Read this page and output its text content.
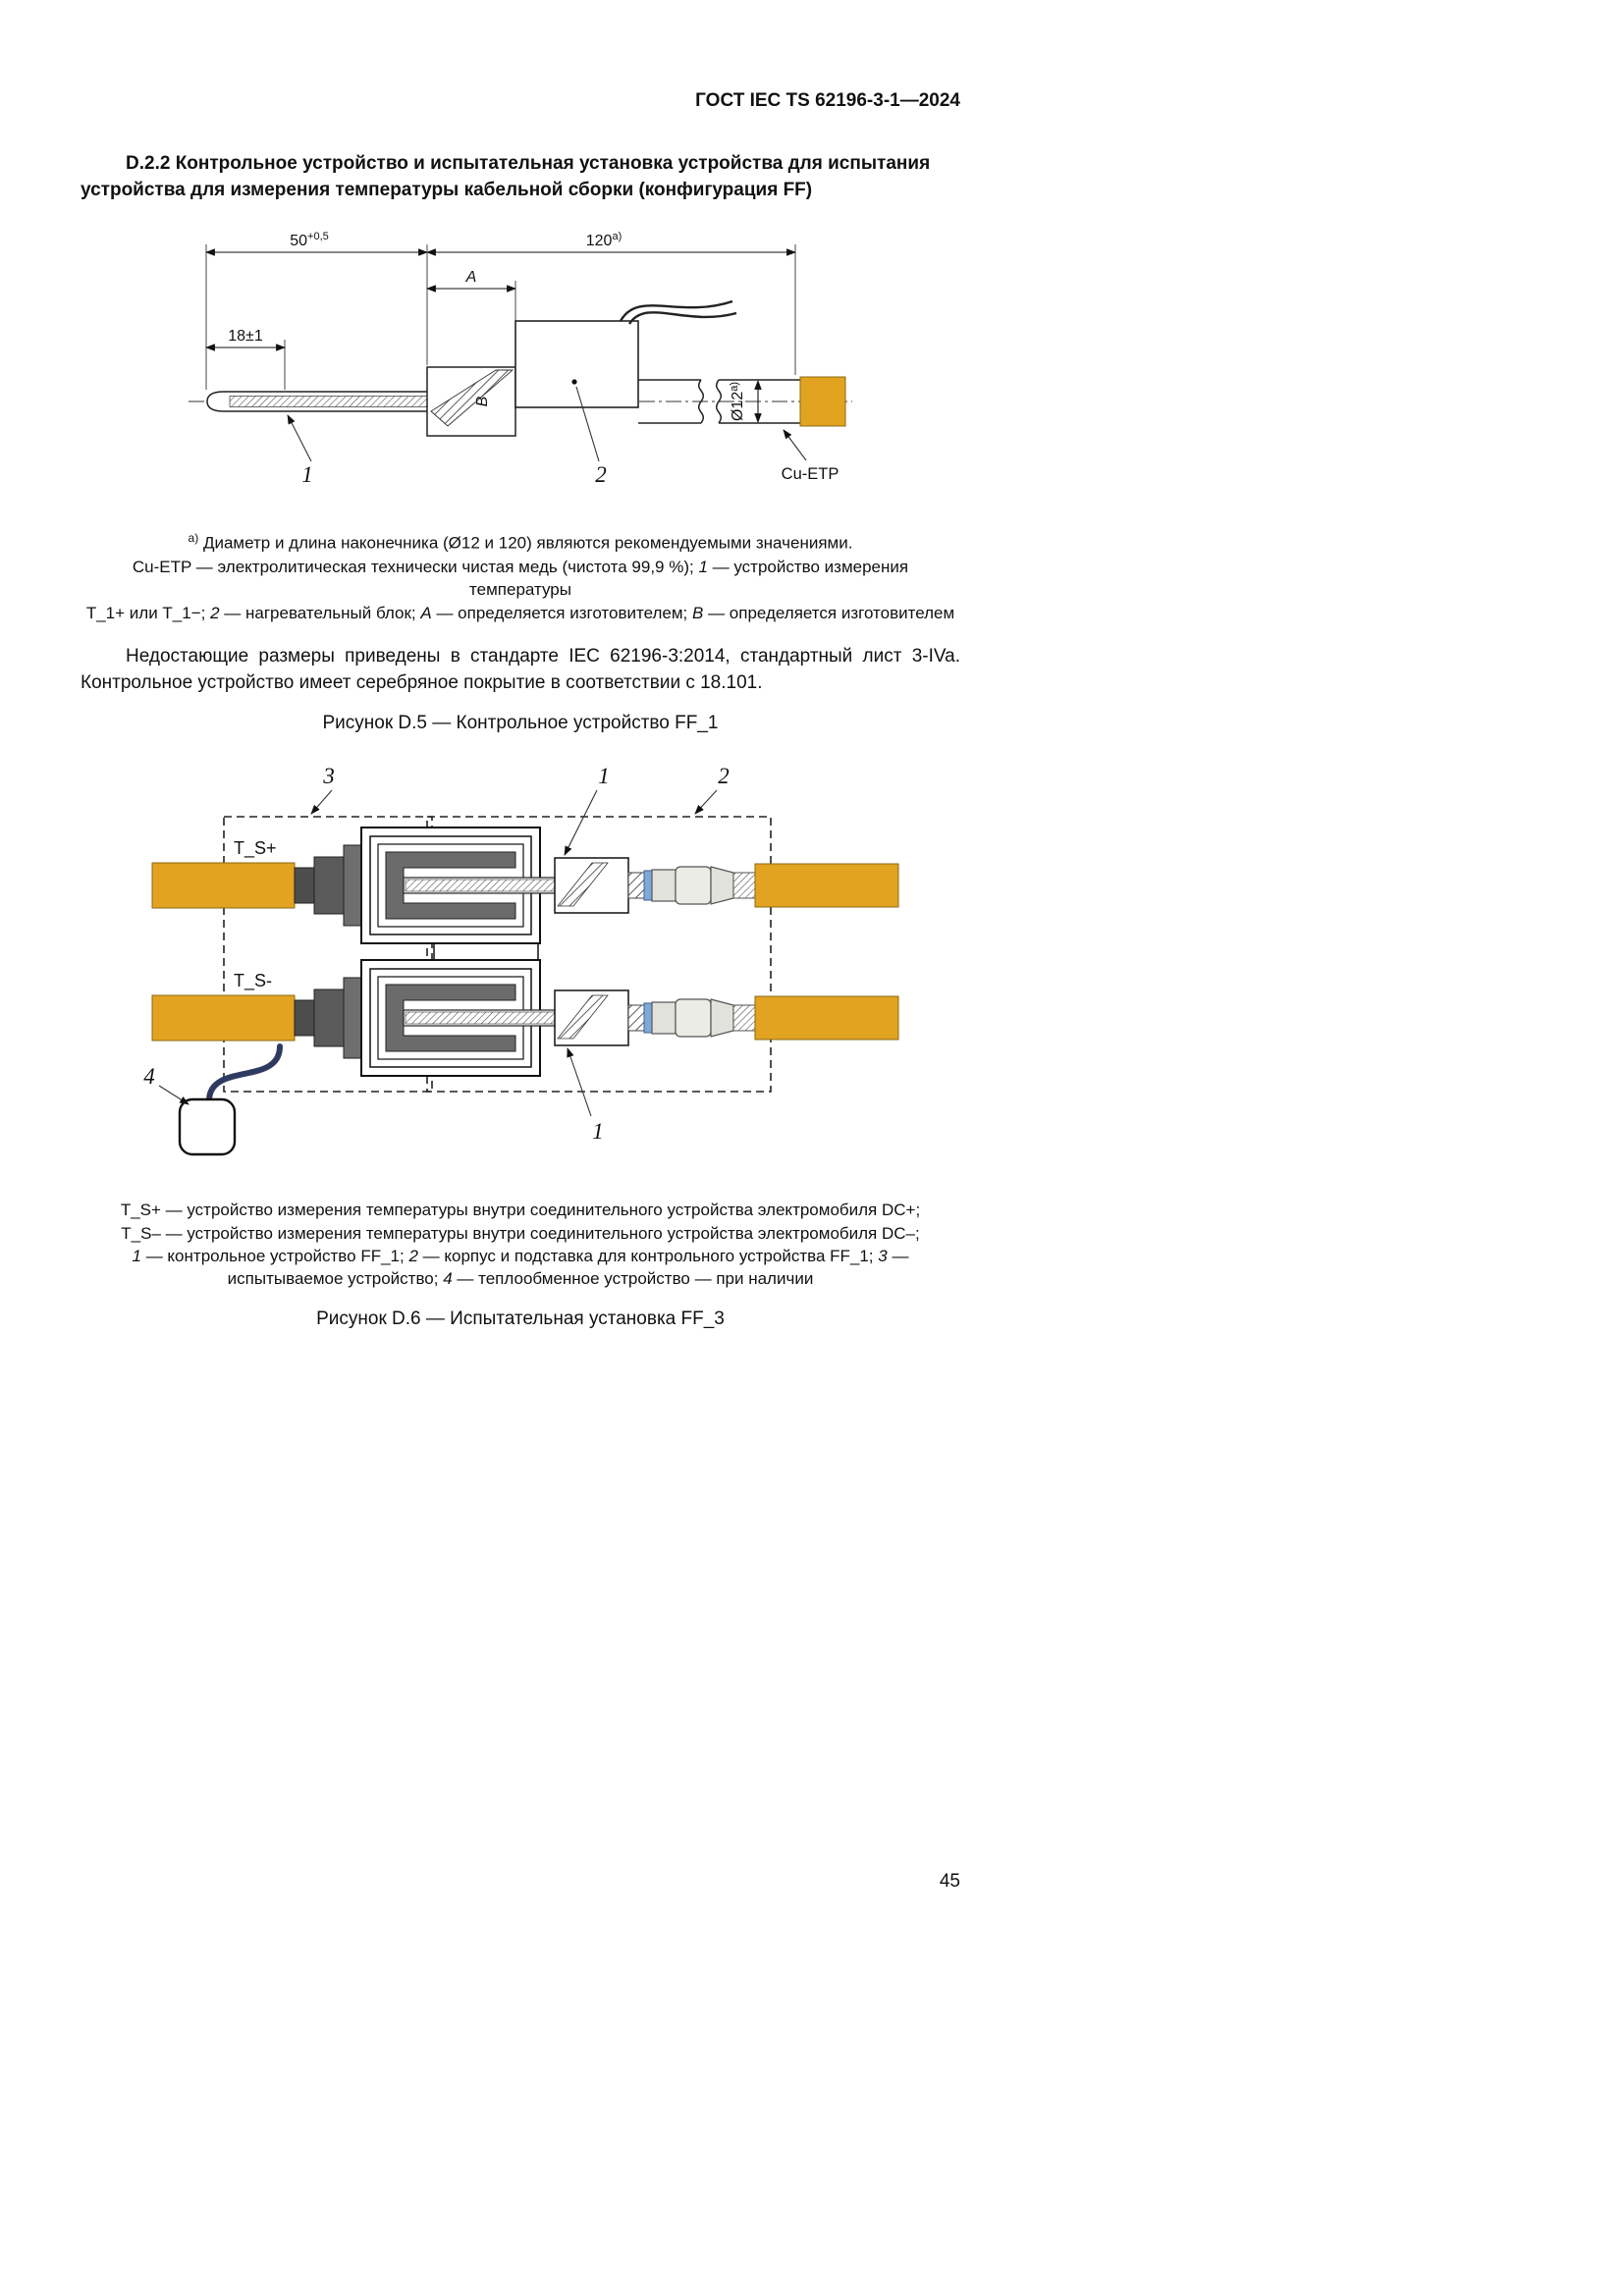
ГОСТ IEC TS 62196-3-1—2024
D.2.2 Контрольное устройство и испытательная установка устройства для испытания устройства для измерения температуры кабельной сборки (конфигурация FF)
$50^{+0,5}$	120$^{a)}$
A
18±1
B	Ø12$^{a)}$
1	2	Cu-ETP
$^{a)}$ Диаметр и длина наконечника (Ø12 и 120) являются рекомендуемыми значениями.
Cu-ETP — электролитическая технически чистая медь (чистота 99,9 %); 1 — устройство измерения температуры
Т_1+ или Т_1−; 2 — нагревательный блок; А — определяется изготовителем; В — определяется изготовителем

Недостающие размеры приведены в стандарте IEC 62196-3:2014, стандартный лист 3-IVa. Контрольное устройство имеет серебряное покрытие в соответствии с 18.101.

Рисунок D.5 — Контрольное устройство FF_1
T_S+
T_S-
3	1	2
1
4
T_S+ — устройство измерения температуры внутри соединительного устройства электромобиля DC+;
T_S– — устройство измерения температуры внутри соединительного устройства электромобиля DC–;
1 — контрольное устройство FF_1; 2 — корпус и подставка для контрольного устройства FF_1; 3 — испытываемое устройство; 4 — теплообменное устройство — при наличии
Рисунок D.6 — Испытательная установка FF_3
45
